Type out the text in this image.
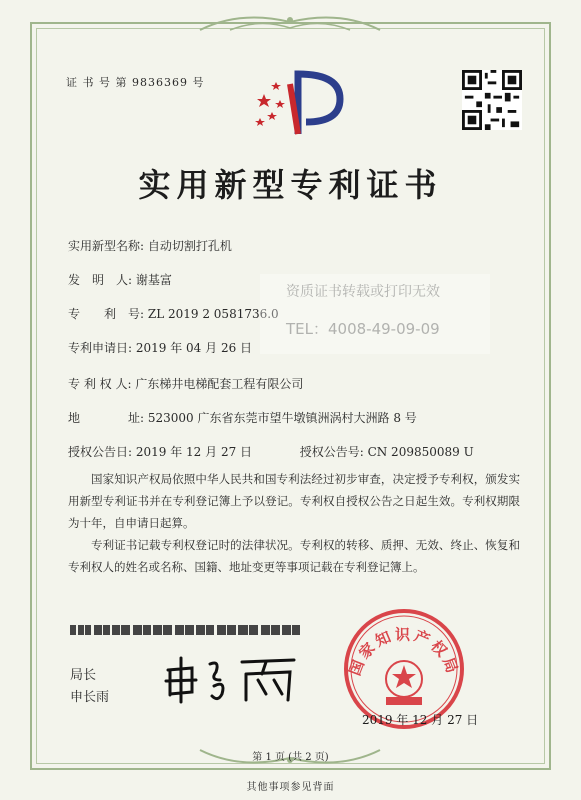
证 书 号 第 9836369 号
实用新型专利证书
实用新型名称: 自动切割打孔机
发　明　人: 谢基富
专　　利　号: ZL 2019 2 0581736.0
专利申请日: 2019 年 04 月 26 日
专 利 权 人: 广东梯井电梯配套工程有限公司
地　　　　址: 523000 广东省东莞市望牛墩镇洲涡村大洲路 8 号
授权公告日: 2019 年 12 月 27 日	授权公告号: CN 209850089 U
资质证书转载或打印无效
TEL：4008-49-09-09
国家知识产权局依照中华人民共和国专利法经过初步审查，决定授予专利权，颁发实用新型专利证书并在专利登记簿上予以登记。专利权自授权公告之日起生效。专利权期限为十年，自申请日起算。
专利证书记载专利权登记时的法律状况。专利权的转移、质押、无效、终止、恢复和专利权人的姓名或名称、国籍、地址变更等事项记载在专利登记簿上。
局长
申长雨
国家知识产权局
2019 年 12 月 27 日
第 1 页 (共 2 页)
其他事项参见背面
